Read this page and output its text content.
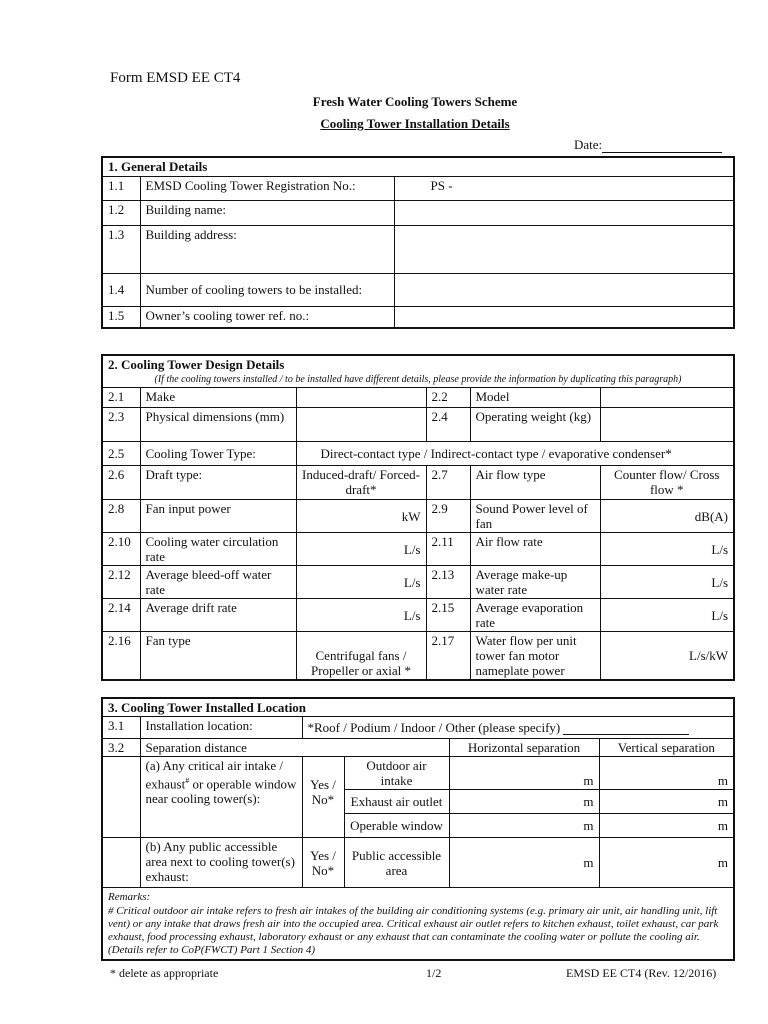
Form EMSD EE CT4
Fresh Water Cooling Towers Scheme
Cooling Tower Installation Details
Date:
1. General Details		
1.1	EMSD Cooling Tower Registration No.:	PS -
1.2	Building name:	
1.3	Building address:	
1.4	Number of cooling towers to be installed:	
1.5	Owner’s cooling tower ref. no.:	
2. Cooling Tower Design Details
(If the cooling towers installed / to be installed have different details, please provide the information by duplicating this paragraph)					

2.1	Make		2.2	Model	
2.3	Physical dimensions (mm)		2.4	Operating weight (kg)	
2.5	Cooling Tower Type:	Direct-contact type / Indirect-contact type / evaporative condenser*			
2.6	Draft type:	Induced-draft/ Forced-draft*	2.7	Air flow type	Counter flow/ Cross flow *
2.8	Fan input power	kW	2.9	Sound Power level of fan	dB(A)
2.10	Cooling water circulation rate	L/s	2.11	Air flow rate	L/s
2.12	Average bleed-off water rate	L/s	2.13	Average make-up water rate	L/s
2.14	Average drift rate	L/s	2.15	Average evaporation rate	L/s
2.16	Fan type	Centrifugal fans / Propeller or axial *	2.17	Water flow per unit tower fan motor nameplate power	L/s/kW
3. Cooling Tower Installed Location					
3.1	Installation location:	*Roof / Podium / Indoor / Other (please specify)			
3.2	Separation distance			Horizontal separation	Vertical separation
	(a) Any critical air intake / exhaust# or operable window near cooling tower(s):	Yes / No*	Outdoor air intake	m	m
			Exhaust air outlet	m	m
			Operable window	m	m
	(b) Any public accessible area next to cooling tower(s) exhaust:	Yes / No*	Public accessible area	m	m

Remarks:
# Critical outdoor air intake refers to fresh air intakes of the building air conditioning systems (e.g. primary air unit, air handling unit, lift vent) or any intake that draws fresh air into the occupied area. Critical exhaust air outlet refers to kitchen exhaust, toilet exhaust, car park exhaust, food processing exhaust, laboratory exhaust or any exhaust that can contaminate the cooling water or pollute the cooling air. (Details refer to CoP(FWCT) Part 1 Section 4)					
* delete as appropriate	1/2	EMSD EE CT4 (Rev. 12/2016)
